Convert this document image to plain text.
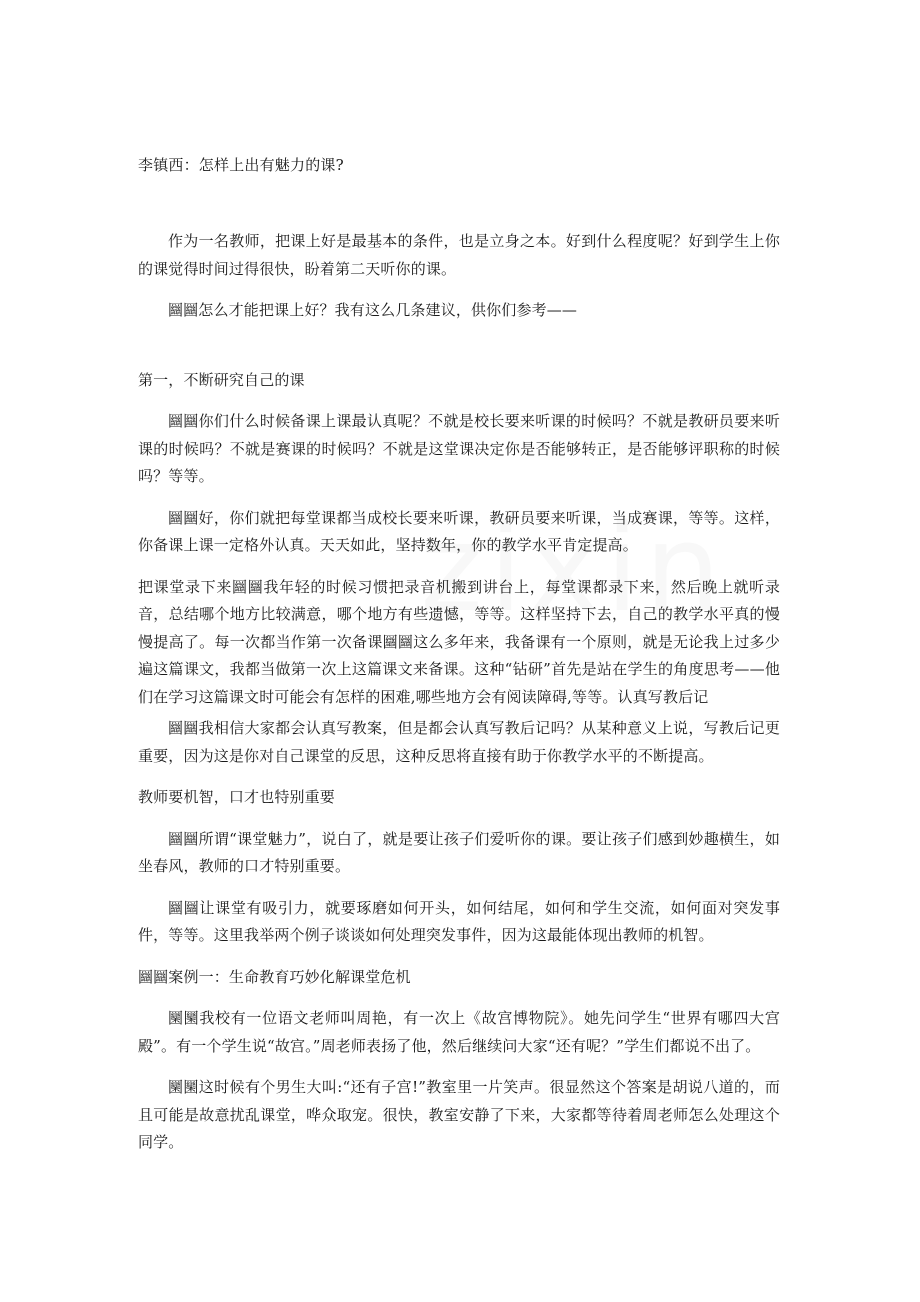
李镇西：怎样上出有魅力的课?

作为一名教师，把课上好是最基本的条件，也是立身之本。好到什么程度呢？好到学生上你的课觉得时间过得很快，盼着第二天听你的课。

圝圝怎么才能把课上好？我有这么几条建议，供你们参考——

第一，不断研究自己的课

圝圝你们什么时候备课上课最认真呢？不就是校长要来听课的时候吗？不就是教研员要来听课的时候吗？不就是赛课的时候吗？不就是这堂课决定你是否能够转正，是否能够评职称的时候吗？等等。

圝圝好，你们就把每堂课都当成校长要来听课，教研员要来听课，当成赛课，等等。这样，你备课上课一定格外认真。天天如此，坚持数年，你的教学水平肯定提高。

把课堂录下来圝圝我年轻的时候习惯把录音机搬到讲台上，每堂课都录下来，然后晚上就听录音，总结哪个地方比较满意，哪个地方有些遗憾，等等。这样坚持下去，自己的教学水平真的慢慢提高了。每一次都当作第一次备课圝圝这么多年来，我备课有一个原则，就是无论我上过多少遍这篇课文，我都当做第一次上这篇课文来备课。这种“钻研”首先是站在学生的角度思考——他们在学习这篇课文时可能会有怎样的困难,哪些地方会有阅读障碍,等等。认真写教后记

圝圝我相信大家都会认真写教案，但是都会认真写教后记吗？从某种意义上说，写教后记更重要，因为这是你对自己课堂的反思，这种反思将直接有助于你教学水平的不断提高。

教师要机智，口才也特别重要

圝圝所谓“课堂魅力”，说白了，就是要让孩子们爱听你的课。要让孩子们感到妙趣横生，如坐春风，教师的口才特别重要。

圝圝让课堂有吸引力，就要琢磨如何开头，如何结尾，如何和学生交流，如何面对突发事件，等等。这里我举两个例子谈谈如何处理突发事件，因为这最能体现出教师的机智。

圝圝案例一：生命教育巧妙化解课堂危机

圞圞我校有一位语文老师叫周艳，有一次上《故宫博物院》。她先问学生“世界有哪四大宫殿”。有一个学生说“故宫。”周老师表扬了他，然后继续问大家“还有呢？”学生们都说不出了。

圞圞这时候有个男生大叫:“还有子宫!”教室里一片笑声。很显然这个答案是胡说八道的，而且可能是故意扰乱课堂，哗众取宠。很快，教室安静了下来，大家都等待着周老师怎么处理这个同学。
